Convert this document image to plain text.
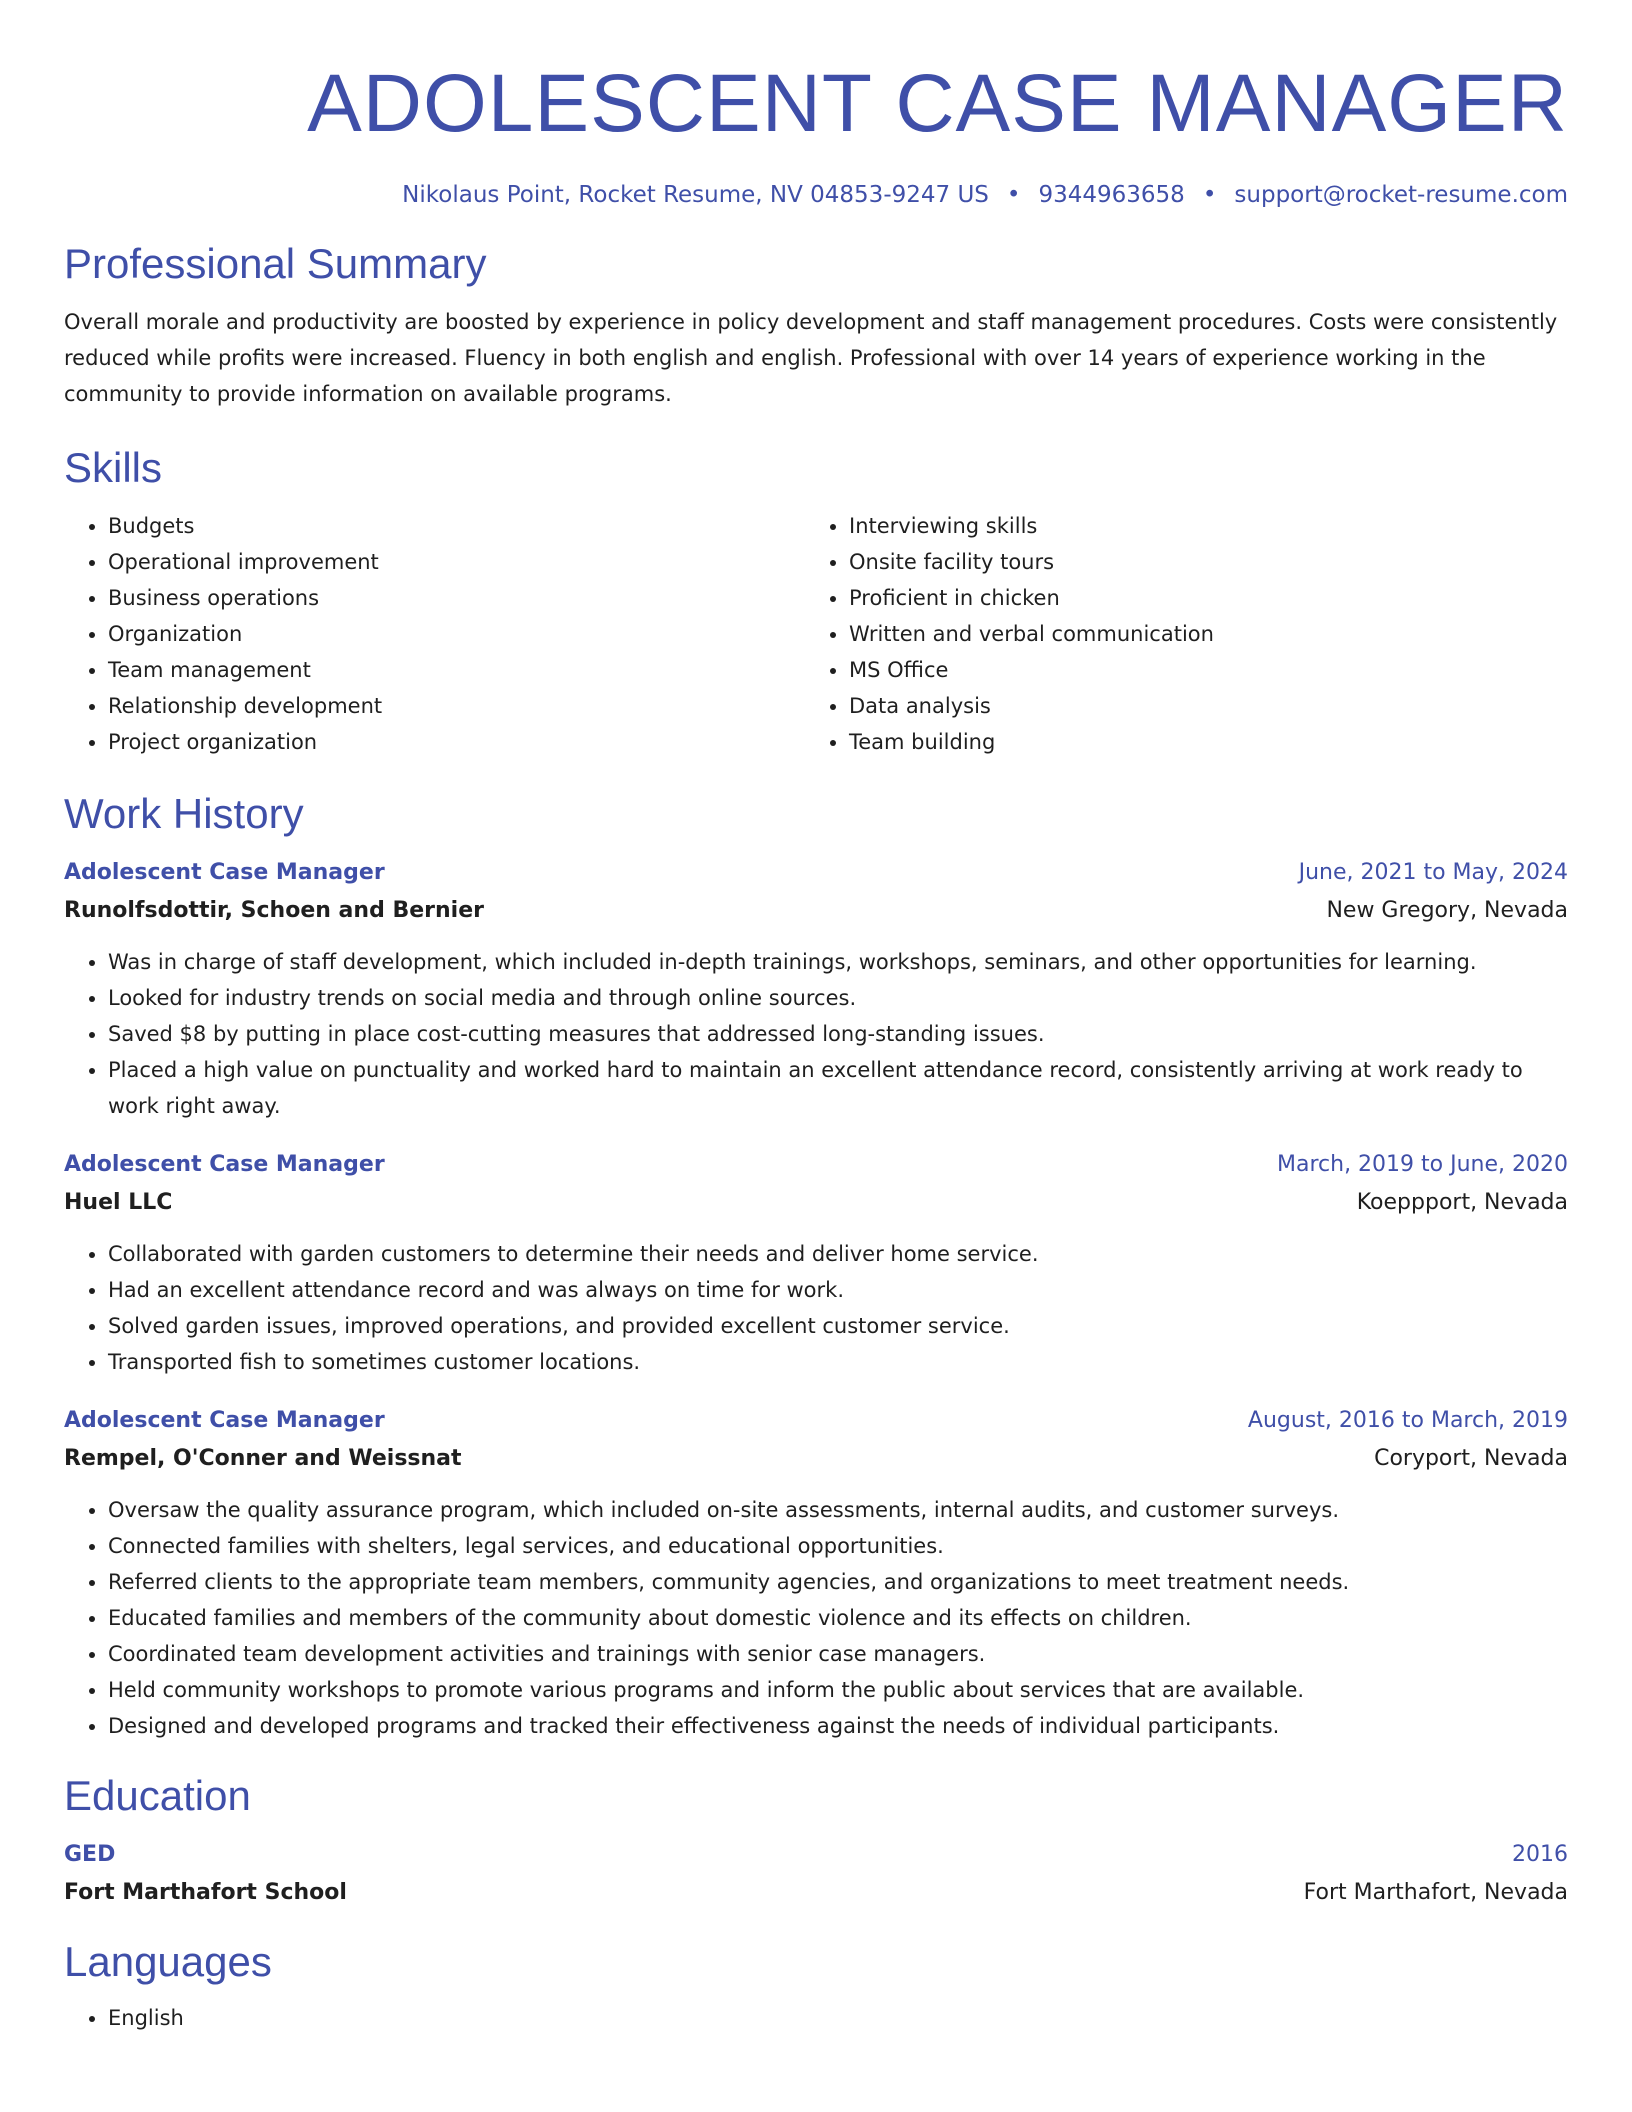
ADOLESCENT CASE MANAGER
Nikolaus Point, Rocket Resume, NV 04853-9247 US • 9344963658 • support@rocket-resume.com
Professional Summary
Overall morale and productivity are boosted by experience in policy development and staff management procedures. Costs were consistently reduced while profits were increased. Fluency in both english and english. Professional with over 14 years of experience working in the community to provide information on available programs.
Skills
• Budgets
• Operational improvement
• Business operations
• Organization
• Team management
• Relationship development
• Project organization
• Interviewing skills
• Onsite facility tours
• Proficient in chicken
• Written and verbal communication
• MS Office
• Data analysis
• Team building
Work History
Adolescent Case Manager	June, 2021 to May, 2024
Runolfsdottir, Schoen and Bernier	New Gregory, Nevada
• Was in charge of staff development, which included in-depth trainings, workshops, seminars, and other opportunities for learning.
• Looked for industry trends on social media and through online sources.
• Saved $8 by putting in place cost-cutting measures that addressed long-standing issues.
• Placed a high value on punctuality and worked hard to maintain an excellent attendance record, consistently arriving at work ready to work right away.
Adolescent Case Manager	March, 2019 to June, 2020
Huel LLC	Koeppport, Nevada
• Collaborated with garden customers to determine their needs and deliver home service.
• Had an excellent attendance record and was always on time for work.
• Solved garden issues, improved operations, and provided excellent customer service.
• Transported fish to sometimes customer locations.
Adolescent Case Manager	August, 2016 to March, 2019
Rempel, O'Conner and Weissnat	Coryport, Nevada
• Oversaw the quality assurance program, which included on-site assessments, internal audits, and customer surveys.
• Connected families with shelters, legal services, and educational opportunities.
• Referred clients to the appropriate team members, community agencies, and organizations to meet treatment needs.
• Educated families and members of the community about domestic violence and its effects on children.
• Coordinated team development activities and trainings with senior case managers.
• Held community workshops to promote various programs and inform the public about services that are available.
• Designed and developed programs and tracked their effectiveness against the needs of individual participants.
Education
GED	2016
Fort Marthafort School	Fort Marthafort, Nevada
Languages
• English
